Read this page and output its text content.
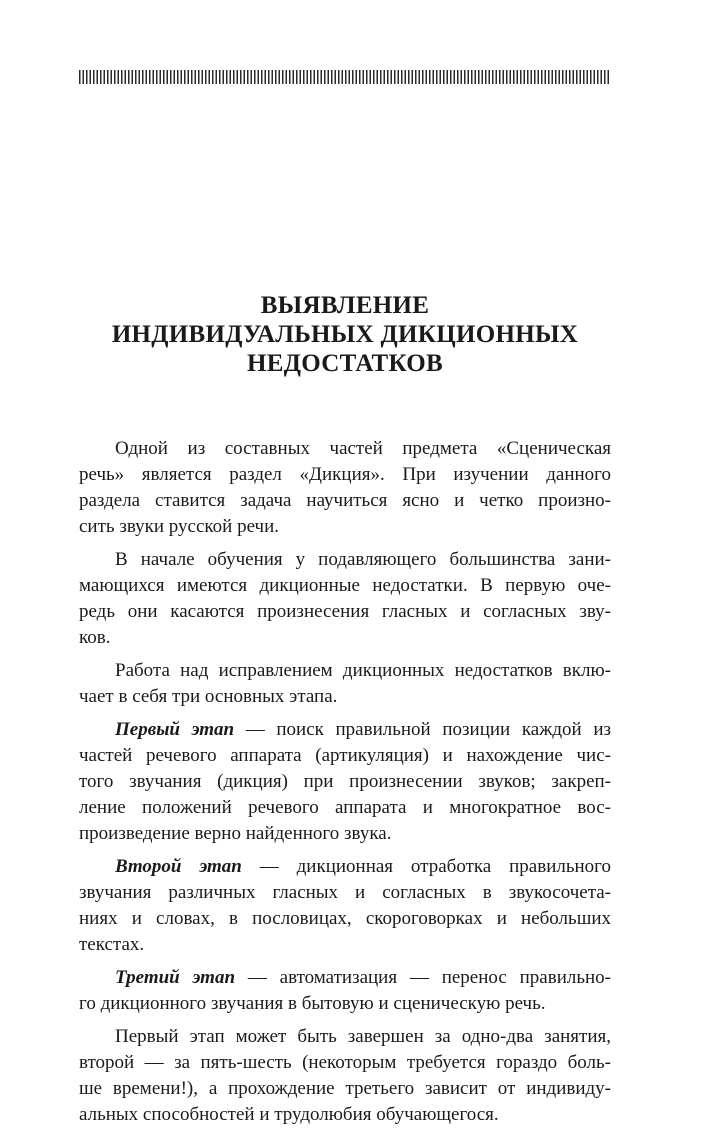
ВЫЯВЛЕНИЕ
ИНДИВИДУАЛЬНЫХ ДИКЦИОННЫХ
НЕДОСТАТКОВ

Одной из составных частей предмета «Сценическая
речь» является раздел «Дикция». При изучении данного
раздела ставится задача научиться ясно и четко произно-
сить звуки русской речи.

В начале обучения у подавляющего большинства зани-
мающихся имеются дикционные недостатки. В первую оче-
редь они касаются произнесения гласных и согласных зву-
ков.

Работа над исправлением дикционных недостатков вклю-
чает в себя три основных этапа.

Первый этап — поиск правильной позиции каждой из
частей речевого аппарата (артикуляция) и нахождение чис-
того звучания (дикция) при произнесении звуков; закреп-
ление положений речевого аппарата и многократное вос-
произведение верно найденного звука.

Второй этап — дикционная отработка правильного
звучания различных гласных и согласных в звукосочета-
ниях и словах, в пословицах, скороговорках и небольших
текстах.

Третий этап — автоматизация — перенос правильно-
го дикционного звучания в бытовую и сценическую речь.

Первый этап может быть завершен за одно-два занятия,
второй — за пять-шесть (некоторым требуется гораздо боль-
ше времени!), а прохождение третьего зависит от индивиду-
альных способностей и трудолюбия обучающегося.
